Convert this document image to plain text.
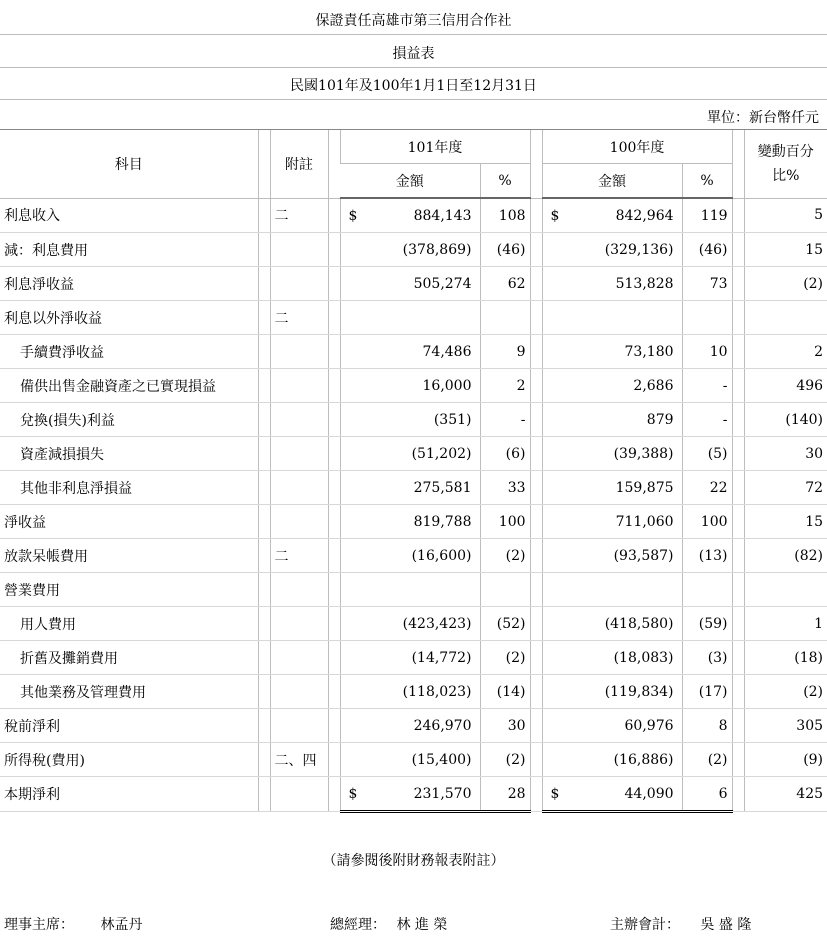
保證責任高雄市第三信用合作社
損益表
民國101年及100年1月1日至12月31日
單位：新台幣仟元
科目		附註		101年度			100年度			變動百分比%
				金額	%		金額	%		
利息收入		二		$ 884,143	108		$ 842,964	119		5
減：利息費用				(378,869)	(46)		(329,136)	(46)		15
利息淨收益				505,274	62		513,828	73		(2)
利息以外淨收益		二		

手續費淨收益				74,486	9		73,180	10		2
備供出售金融資產之已實現損益				16,000	2		2,686	-		496
兌換(損失)利益				(351)	-		879	-		(140)
資產減損損失				(51,202)	(6)		(39,388)	(5)		30
其他非利息淨損益				275,581	33		159,875	22		72
淨收益				819,788	100		711,060	100		15
放款呆帳費用		二		(16,600)	(2)		(93,587)	(13)		(82)
營業費用				

用人費用				(423,423)	(52)		(418,580)	(59)		1
折舊及攤銷費用				(14,772)	(2)		(18,083)	(3)		(18)
其他業務及管理費用				(118,023)	(14)		(119,834)	(17)		(2)
稅前淨利				246,970	30		60,976	8		305
所得稅(費用)		二、四		(15,400)	(2)		(16,886)	(2)		(9)
本期淨利				$ 231,570	28		$ 44,090	6		425
（請參閱後附財務報表附註）
理事主席： 林孟丹	總經理： 林 進 榮	主辦會計： 吳 盛 隆
